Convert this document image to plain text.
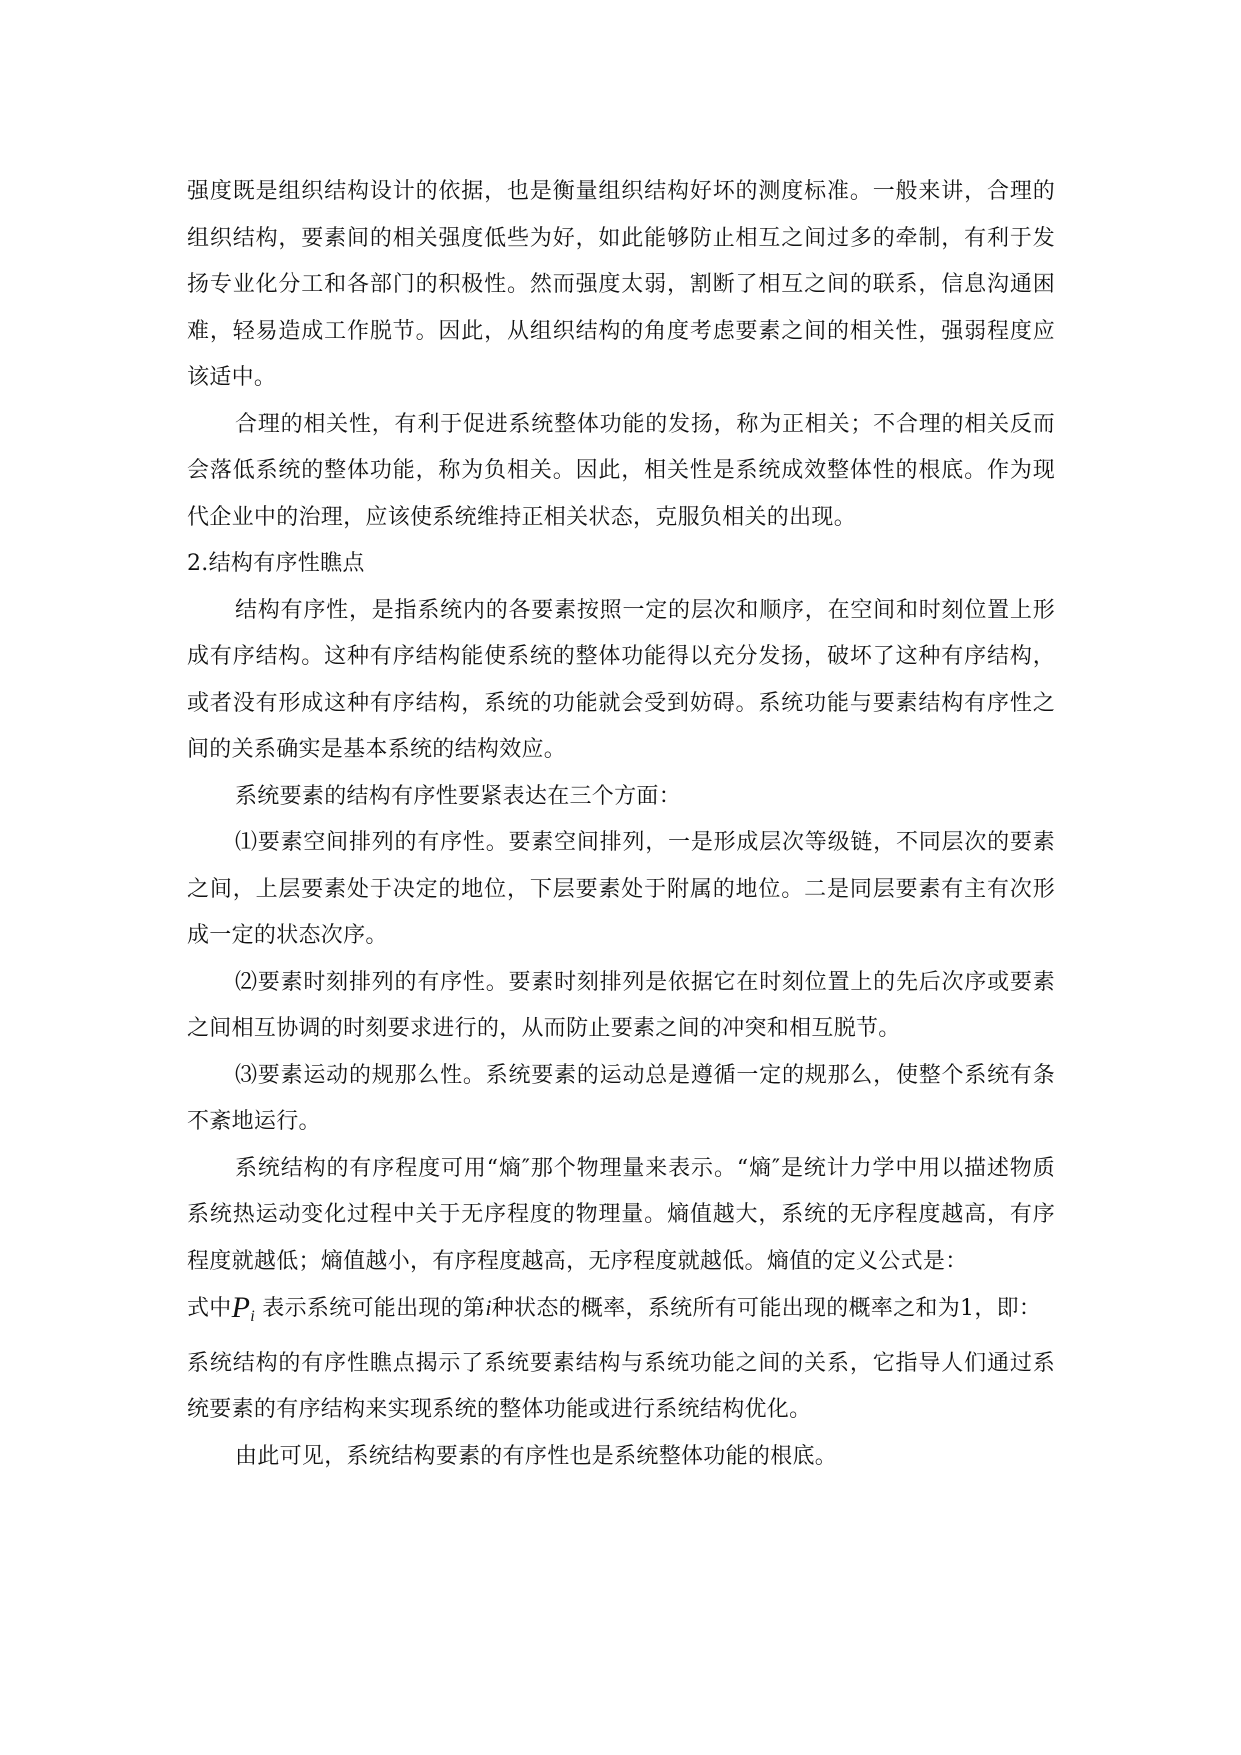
强度既是组织结构设计的依据，也是衡量组织结构好坏的测度标准。一般来讲，合理的组织结构，要素间的相关强度低些为好，如此能够防止相互之间过多的牵制，有利于发扬专业化分工和各部门的积极性。然而强度太弱，割断了相互之间的联系，信息沟通困难，轻易造成工作脱节。因此，从组织结构的角度考虑要素之间的相关性，强弱程度应该适中。

合理的相关性，有利于促进系统整体功能的发扬，称为正相关；不合理的相关反而会落低系统的整体功能，称为负相关。因此，相关性是系统成效整体性的根底。作为现代企业中的治理，应该使系统维持正相关状态，克服负相关的出现。

2.结构有序性瞧点

结构有序性，是指系统内的各要素按照一定的层次和顺序，在空间和时刻位置上形成有序结构。这种有序结构能使系统的整体功能得以充分发扬，破坏了这种有序结构，或者没有形成这种有序结构，系统的功能就会受到妨碍。系统功能与要素结构有序性之间的关系确实是基本系统的结构效应。

系统要素的结构有序性要紧表达在三个方面：

⑴要素空间排列的有序性。要素空间排列，一是形成层次等级链，不同层次的要素之间，上层要素处于决定的地位，下层要素处于附属的地位。二是同层要素有主有次形成一定的状态次序。

⑵要素时刻排列的有序性。要素时刻排列是依据它在时刻位置上的先后次序或要素之间相互协调的时刻要求进行的，从而防止要素之间的冲突和相互脱节。

⑶要素运动的规那么性。系统要素的运动总是遵循一定的规那么，使整个系统有条不紊地运行。

系统结构的有序程度可用“熵″那个物理量来表示。“熵″是统计力学中用以描述物质系统热运动变化过程中关于无序程度的物理量。熵值越大，系统的无序程度越高，有序程度就越低；熵值越小，有序程度越高，无序程度就越低。熵值的定义公式是：

式中$P_i$ 表示系统可能出现的第i种状态的概率，系统所有可能出现的概率之和为1，即：

系统结构的有序性瞧点揭示了系统要素结构与系统功能之间的关系，它指导人们通过系统要素的有序结构来实现系统的整体功能或进行系统结构优化。

由此可见，系统结构要素的有序性也是系统整体功能的根底。
